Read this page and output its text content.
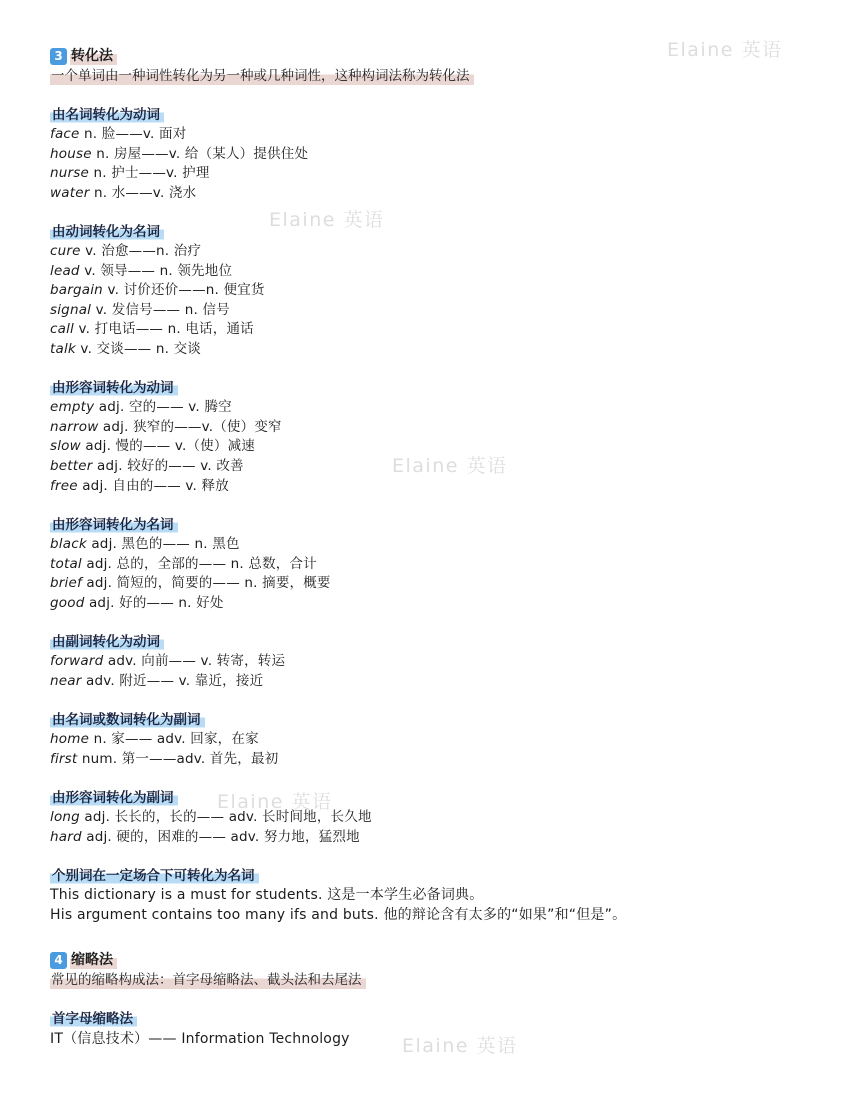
Elaine 英语
Elaine 英语
Elaine 英语
Elaine 英语
Elaine 英语
3 转化法
一个单词由一种词性转化为另一种或几种词性，这种构词法称为转化法
由名词转化为动词
face n. 脸——v. 面对
house n. 房屋——v. 给（某人）提供住处
nurse n. 护士——v. 护理
water n. 水——v. 浇水
由动词转化为名词
cure v. 治愈——n. 治疗
lead v. 领导—— n. 领先地位
bargain v. 讨价还价——n. 便宜货
signal v. 发信号—— n. 信号
call v. 打电话—— n. 电话，通话
talk v. 交谈—— n. 交谈
由形容词转化为动词
empty adj. 空的—— v. 腾空
narrow adj. 狭窄的——v.（使）变窄
slow adj. 慢的—— v.（使）减速
better adj. 较好的—— v. 改善
free adj. 自由的—— v. 释放
由形容词转化为名词
black adj. 黑色的—— n. 黑色
total adj. 总的，全部的—— n. 总数，合计
brief adj. 简短的，简要的—— n. 摘要，概要
good adj. 好的—— n. 好处
由副词转化为动词
forward adv. 向前—— v. 转寄，转运
near adv. 附近—— v. 靠近，接近
由名词或数词转化为副词
home n. 家—— adv. 回家，在家
first num. 第一——adv. 首先，最初
由形容词转化为副词
long adj. 长长的，长的—— adv. 长时间地，长久地
hard adj. 硬的，困难的—— adv. 努力地，猛烈地
个别词在一定场合下可转化为名词
This dictionary is a must for students. 这是一本学生必备词典。
His argument contains too many ifs and buts. 他的辩论含有太多的“如果”和“但是”。
4 缩略法
常见的缩略构成法：首字母缩略法、截头法和去尾法
首字母缩略法
IT（信息技术）—— Information Technology
